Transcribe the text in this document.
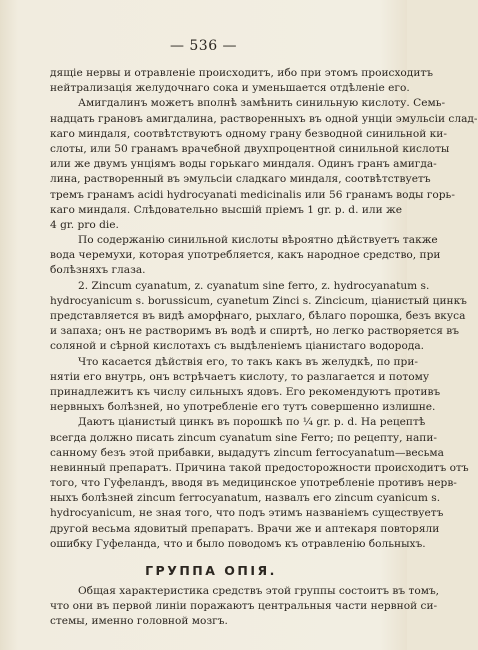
— 536 —
дящіе нервы и отравленіе происходитъ, ибо при этомъ происходитъ
нейтрализація желудочнаго сока и уменьшается отдѣленіе его.
Амигдалинъ можетъ вполнѣ замѣнить синильную кислоту. Семь-
надцать грановъ амигдалина, растворенныхъ въ одной унціи эмульсіи слад-
каго миндаля, соотвѣтствуютъ одному грану безводной синильной ки-
слоты, или 50 гранамъ врачебной двухпроцентной синильной кислоты
или же двумъ унціямъ воды горькаго миндаля. Одинъ гранъ амигда-
лина, растворенный въ эмульсіи сладкаго миндаля, соотвѣтствуетъ
тремъ гранамъ acidi hydrocyanati medicinalis или 56 гранамъ воды горь-
каго миндаля. Слѣдовательно высшій пріемъ 1 gr. p. d. или же
4 gr. pro die.
По содержанію синильной кислоты вѣроятно дѣйствуетъ также
вода черемухи, которая употребляется, какъ народное средство, при
болѣзняхъ глаза.
2. Zincum cyanatum, z. cyanatum sine ferro, z. hydrocyanatum s.
hydrocyanicum s. borussicum, cyanetum Zinci s. Zincicum, ціанистый цинкъ
представляется въ видѣ аморфнаго, рыхлаго, бѣлаго порошка, безъ вкуса
и запаха; онъ не растворимъ въ водѣ и спиртѣ, но легко растворяется въ
соляной и сѣрной кислотахъ съ выдѣленіемъ ціанистаго водорода.
Что касается дѣйствія его, то такъ какъ въ желудкѣ, по при-
нятіи его внутрь, онъ встрѣчаетъ кислоту, то разлагается и потому
принадлежитъ къ числу сильныхъ ядовъ. Его рекомендуютъ противъ
нервныхъ болѣзней, но употребленіе его тутъ совершенно излишне.
Даютъ ціанистый цинкъ въ порошкѣ по ¼ gr. p. d. На рецептѣ
всегда должно писать zincum cyanatum sine Ferro; по рецепту, напи-
санному безъ этой прибавки, выдадутъ zincum ferrocyanatum—весьма
невинный препаратъ. Причина такой предосторожности происходитъ отъ
того, что Гуфеландъ, вводя въ медицинское употребленіе противъ нерв-
ныхъ болѣзней zincum ferrocyanatum, назвалъ его zincum cyanicum s.
hydrocyanicum, не зная того, что подъ этимъ названіемъ существуетъ
другой весьма ядовитый препаратъ. Врачи же и аптекаря повторяли
ошибку Гуфеланда, что и было поводомъ къ отравленію больныхъ.
ГРУППА ОПІЯ.
Общая характеристика средствъ этой группы состоитъ въ томъ,
что они въ первой линіи поражаютъ центральныя части нервной си-
стемы, именно головной мозгъ.
